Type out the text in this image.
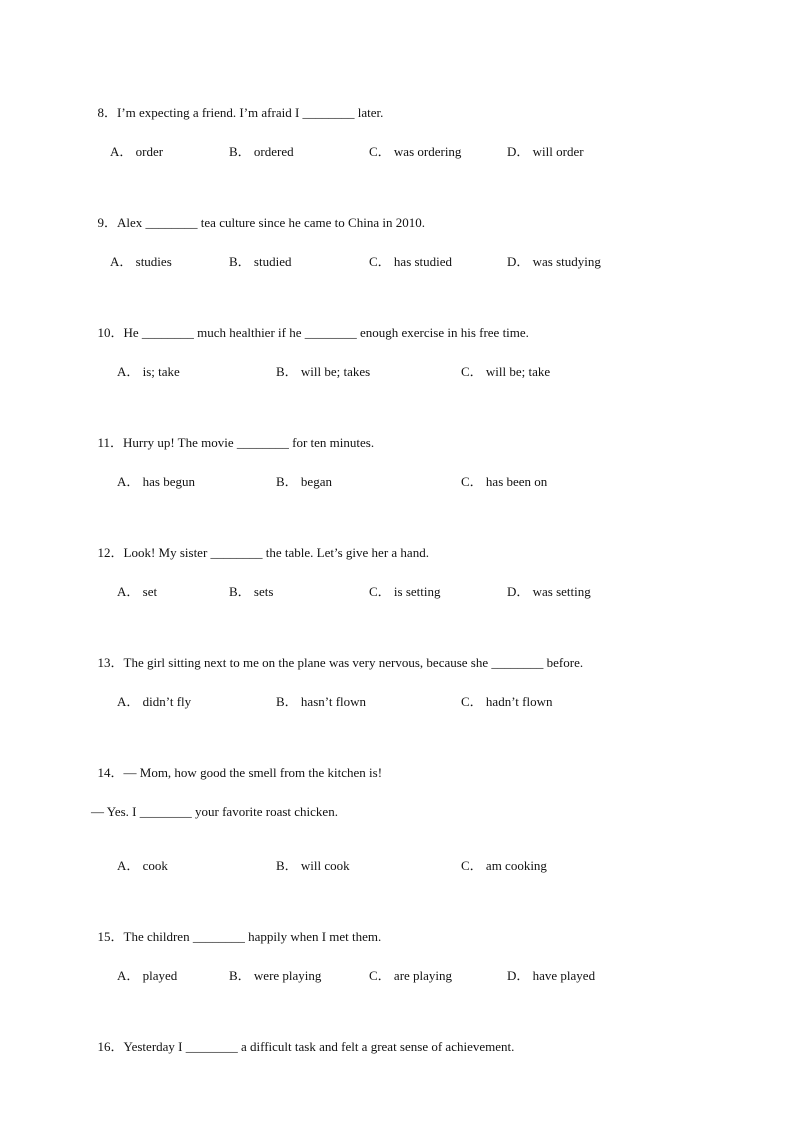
8．I’m expecting a friend. I’m afraid I ________ later.

A． order	B． ordered	C． was ordering	D． will order

9．Alex ________ tea culture since he came to China in 2010.

A． studies	B． studied	C． has studied	D． was studying

10．He ________ much healthier if he ________ enough exercise in his free time.

A． is; take	B． will be; takes	C． will be; take

11．Hurry up! The movie ________ for ten minutes.

A． has begun	B． began	C． has been on

12．Look! My sister ________ the table. Let’s give her a hand.

A． set	B． sets	C． is setting	D． was setting

13．The girl sitting next to me on the plane was very nervous, because she ________ before.

A． didn’t fly	B． hasn’t flown	C． hadn’t flown

14．— Mom, how good the smell from the kitchen is!

— Yes. I ________ your favorite roast chicken.
A． cook	B． will cook	C． am cooking

15．The children ________ happily when I met them.

A． played	B． were playing	C． are playing	D． have played

16．Yesterday I ________ a difficult task and felt a great sense of achievement.
